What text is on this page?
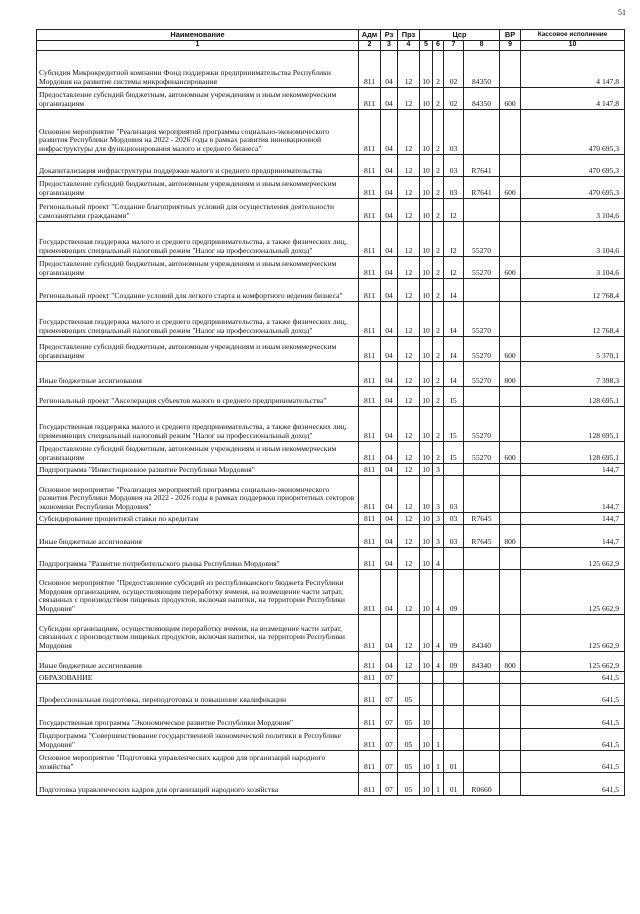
51
Наименование	Адм	Рз	Прз	Цср				ВР	Кассовое исполнение
1	2	3	4	5	6	7	8	9	10
Субсидия Микрокредитной компании Фонд поддержки предпринимательства Республики Мордовия на развитие системы микрофинансирования	811	04	12	10	2	02	84350		4 147,8
Предоставление субсидий бюджетным, автономным учреждениям и иным некоммерческим организациям	811	04	12	10	2	02	84350	600	4 147,8
Основное мероприятие "Реализация мероприятий программы социально-экономического развития Республики Мордовия на 2022 - 2026 годы в рамках развития инновационной инфраструктуры для функционирования малого и среднего бизнеса"	811	04	12	10	2	03			470 695,3
Докапитализация инфраструктуры поддержки малого и среднего предпринимательства	811	04	12	10	2	03	R7641		470 695,3
Предоставление субсидий бюджетным, автономным учреждениям и иным некоммерческим организациям	811	04	12	10	2	03	R7641	600	470 695,3
Региональный проект "Создание благоприятных условий для осуществления деятельности самозанятыми гражданами"	811	04	12	10	2	I2			3 104,6
Государственная поддержка малого и среднего предпринимательства, а также физических лиц, применяющих специальный налоговый режим "Налог на профессиональный доход"	811	04	12	10	2	I2	55270		3 104,6
Предоставление субсидий бюджетным, автономным учреждениям и иным некоммерческим организациям	811	04	12	10	2	I2	55270	600	3 104,6
Региональный проект "Создание условий для легкого старта и комфортного ведения бизнеса"	811	04	12	10	2	I4			12 768,4
Государственная поддержка малого и среднего предпринимательства, а также физических лиц, применяющих специальный налоговый режим "Налог на профессиональный доход"	811	04	12	10	2	I4	55270		12 768,4
Предоставление субсидий бюджетным, автономным учреждениям и иным некоммерческим организациям	811	04	12	10	2	I4	55270	600	5 370,1
Иные бюджетные ассигнования	811	04	12	10	2	I4	55270	800	7 398,3
Региональный проект "Акселерация субъектов малого и среднего предпринимательства"	811	04	12	10	2	I5			128 695,1
Государственная поддержка малого и среднего предпринимательства, а также физических лиц, применяющих специальный налоговый режим "Налог на профессиональный доход"	811	04	12	10	2	I5	55270		128 695,1
Предоставление субсидий бюджетным, автономным учреждениям и иным некоммерческим организациям	811	04	12	10	2	I5	55270	600	128 695,1
Подпрограмма "Инвестиционное развитие Республики Мордовия"	811	04	12	10	3				144,7
Основное мероприятие "Реализация мероприятий программы социально-экономического развития Республики Мордовия на 2022 - 2026 годы в рамках поддержки приоритетных секторов экономики Республики Мордовия"	811	04	12	10	3	03			144,7
Субсидирование процентной ставки по кредитам	811	04	12	10	3	03	R7645		144,7
Иные бюджетные ассигнования	811	04	12	10	3	03	R7645	800	144,7
Подпрограмма "Развитие потребительского рынка Республики Мордовия"	811	04	12	10	4				125 662,9
Основное мероприятие "Предоставление субсидий из республиканского бюджета Республики Мордовия организациям, осуществляющим переработку ячменя, на возмещение части затрат, связанных с производством пищевых продуктов, включая напитки, на территории Республики Мордовия"	811	04	12	10	4	09			125 662,9
Субсидии организациям, осуществляющим переработку ячменя, на возмещение части затрат, связанных с производством пищевых продуктов, включая напитки, на территории Республики Мордовия	811	04	12	10	4	09	84340		125 662,9
Иные бюджетные ассигнования	811	04	12	10	4	09	84340	800	125 662,9
ОБРАЗОВАНИЕ	811	07							641,5
Профессиональная подготовка, переподготовка и повышение квалификации	811	07	05						641,5
Государственная программа "Экономическое развитие Республики Мордовия"	811	07	05	10					641,5
Подпрограмма "Совершенствование государственной экономической политики в Республике Мордовия"	811	07	05	10	1				641,5
Основное мероприятие "Подготовка управленческих кадров для организаций народного хозяйства"	811	07	05	10	1	01			641,5
Подготовка управленческих кадров для организаций народного хозяйства	811	07	05	10	1	01	R0660		641,5
